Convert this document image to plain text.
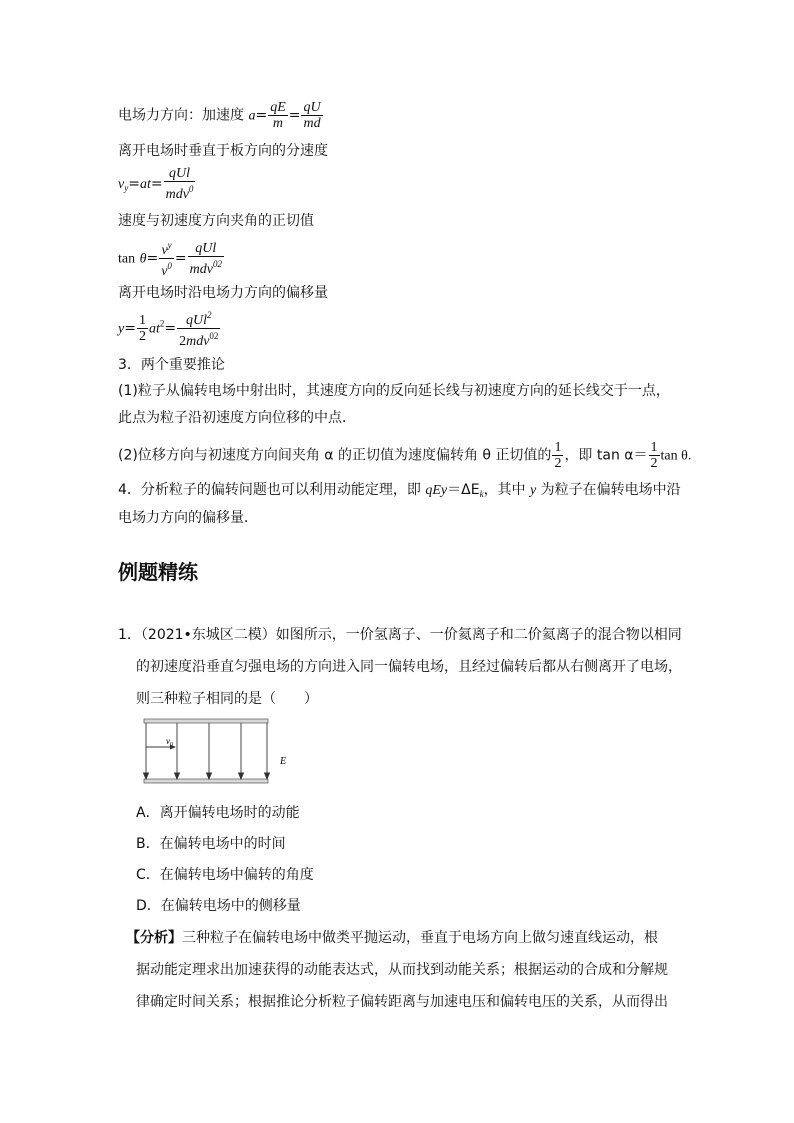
电场力方向：加速度 $a= \frac{qE}{m} = \frac{qU}{md}$
离开电场时垂直于板方向的分速度
$v_y=at= \frac{\text{qUl}}{mdv^0}$
速度与初速度方向夹角的正切值
$\tan \theta= \frac{v^y}{v^0} = \frac{\text{qUl}}{mdv^{02}}$
离开电场时沿电场力方向的偏移量
$y= \frac{1}{2} at^2= \frac{qUl^2}{2mdv^{02}}$
3．两个重要推论
(1)粒子从偏转电场中射出时，其速度方向的反向延长线与初速度方向的延长线交于一点，
此点为粒子沿初速度方向位移的中点．
(2)位移方向与初速度方向间夹角 α 的正切值为速度偏转角 θ 正切值的 $\frac{1}{2}$ ，即 $\tan \alpha= \frac{1}{2}$ tan θ.
4．分析粒子的偏转问题也可以利用动能定理，即 $qEy=\Delta E_k$，其中 y 为粒子在偏转电场中沿
电场力方向的偏移量．
例题精练
1．（2021•东城区二模）如图所示，一价氢离子、一价氦离子和二价氦离子的混合物以相同
的初速度沿垂直匀强电场的方向进入同一偏转电场，且经过偏转后都从右侧离开了电场，
则三种粒子相同的是（　　）
$v_0$
E
A．离开偏转电场时的动能
B．在偏转电场中的时间
C．在偏转电场中偏转的角度
D．在偏转电场中的侧移量
【分析】三种粒子在偏转电场中做类平抛运动，垂直于电场方向上做匀速直线运动，根
据动能定理求出加速获得的动能表达式，从而找到动能关系；根据运动的合成和分解规
律确定时间关系；根据推论分析粒子偏转距离与加速电压和偏转电压的关系，从而得出
